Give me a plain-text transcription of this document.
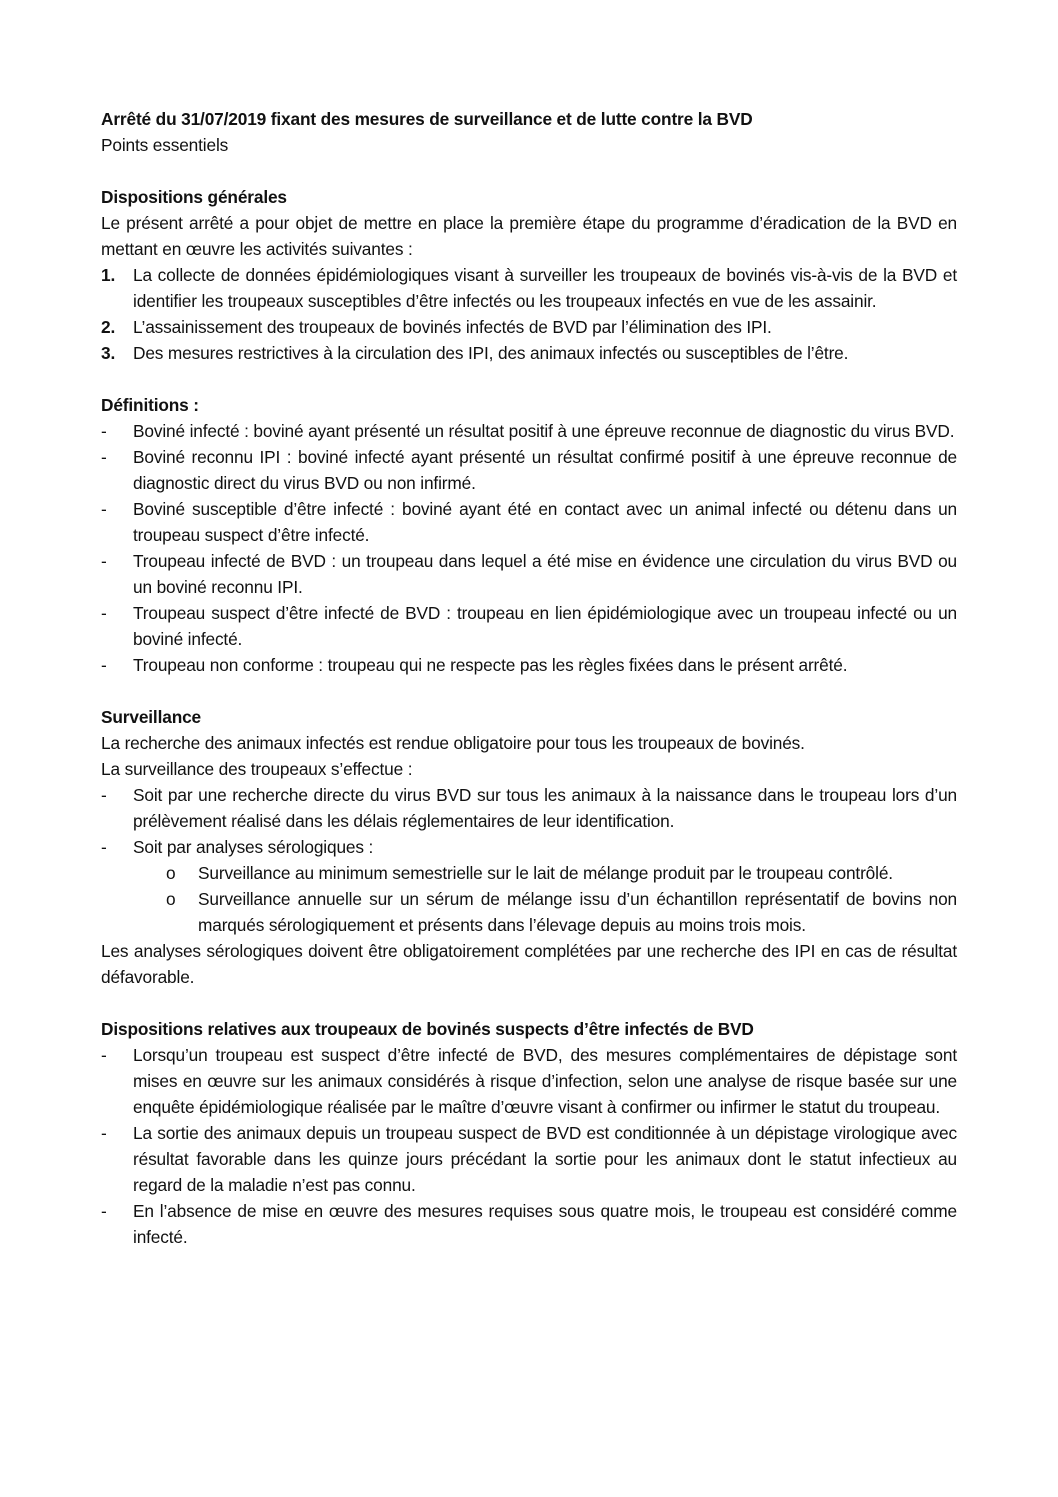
Arrêté du 31/07/2019 fixant des mesures de surveillance et de lutte contre la BVD

Points essentiels

Dispositions générales

Le présent arrêté a pour objet de mettre en place la première étape du programme d’éradication de la BVD en mettant en œuvre les activités suivantes :

1. La collecte de données épidémiologiques visant à surveiller les troupeaux de bovinés vis-à-vis de la BVD et identifier les troupeaux susceptibles d’être infectés ou les troupeaux infectés en vue de les assainir.
2. L’assainissement des troupeaux de bovinés infectés de BVD par l’élimination des IPI.
3. Des mesures restrictives à la circulation des IPI, des animaux infectés ou susceptibles de l’être.

Définitions :

- Boviné infecté : boviné ayant présenté un résultat positif à une épreuve reconnue de diagnostic du virus BVD.
- Boviné reconnu IPI : boviné infecté ayant présenté un résultat confirmé positif à une épreuve reconnue de diagnostic direct du virus BVD ou non infirmé.
- Boviné susceptible d’être infecté : boviné ayant été en contact avec un animal infecté ou détenu dans un troupeau suspect d’être infecté.
- Troupeau infecté de BVD : un troupeau dans lequel a été mise en évidence une circulation du virus BVD ou un boviné reconnu IPI.
- Troupeau suspect d’être infecté de BVD : troupeau en lien épidémiologique avec un troupeau infecté ou un boviné infecté.
- Troupeau non conforme : troupeau qui ne respecte pas les règles fixées dans le présent arrêté.

Surveillance

La recherche des animaux infectés est rendue obligatoire pour tous les troupeaux de bovinés.

La surveillance des troupeaux s’effectue :

- Soit par une recherche directe du virus BVD sur tous les animaux à la naissance dans le troupeau lors d’un prélèvement réalisé dans les délais réglementaires de leur identification.
- Soit par analyses sérologiques :
o Surveillance au minimum semestrielle sur le lait de mélange produit par le troupeau contrôlé.
o Surveillance annuelle sur un sérum de mélange issu d’un échantillon représentatif de bovins non marqués sérologiquement et présents dans l’élevage depuis au moins trois mois.

Les analyses sérologiques doivent être obligatoirement complétées par une recherche des IPI en cas de résultat défavorable.

Dispositions relatives aux troupeaux de bovinés suspects d’être infectés de BVD

- Lorsqu’un troupeau est suspect d’être infecté de BVD, des mesures complémentaires de dépistage sont mises en œuvre sur les animaux considérés à risque d’infection, selon une analyse de risque basée sur une enquête épidémiologique réalisée par le maître d’œuvre visant à confirmer ou infirmer le statut du troupeau.
- La sortie des animaux depuis un troupeau suspect de BVD est conditionnée à un dépistage virologique avec résultat favorable dans les quinze jours précédant la sortie pour les animaux dont le statut infectieux au regard de la maladie n’est pas connu.
- En l’absence de mise en œuvre des mesures requises sous quatre mois, le troupeau est considéré comme infecté.
